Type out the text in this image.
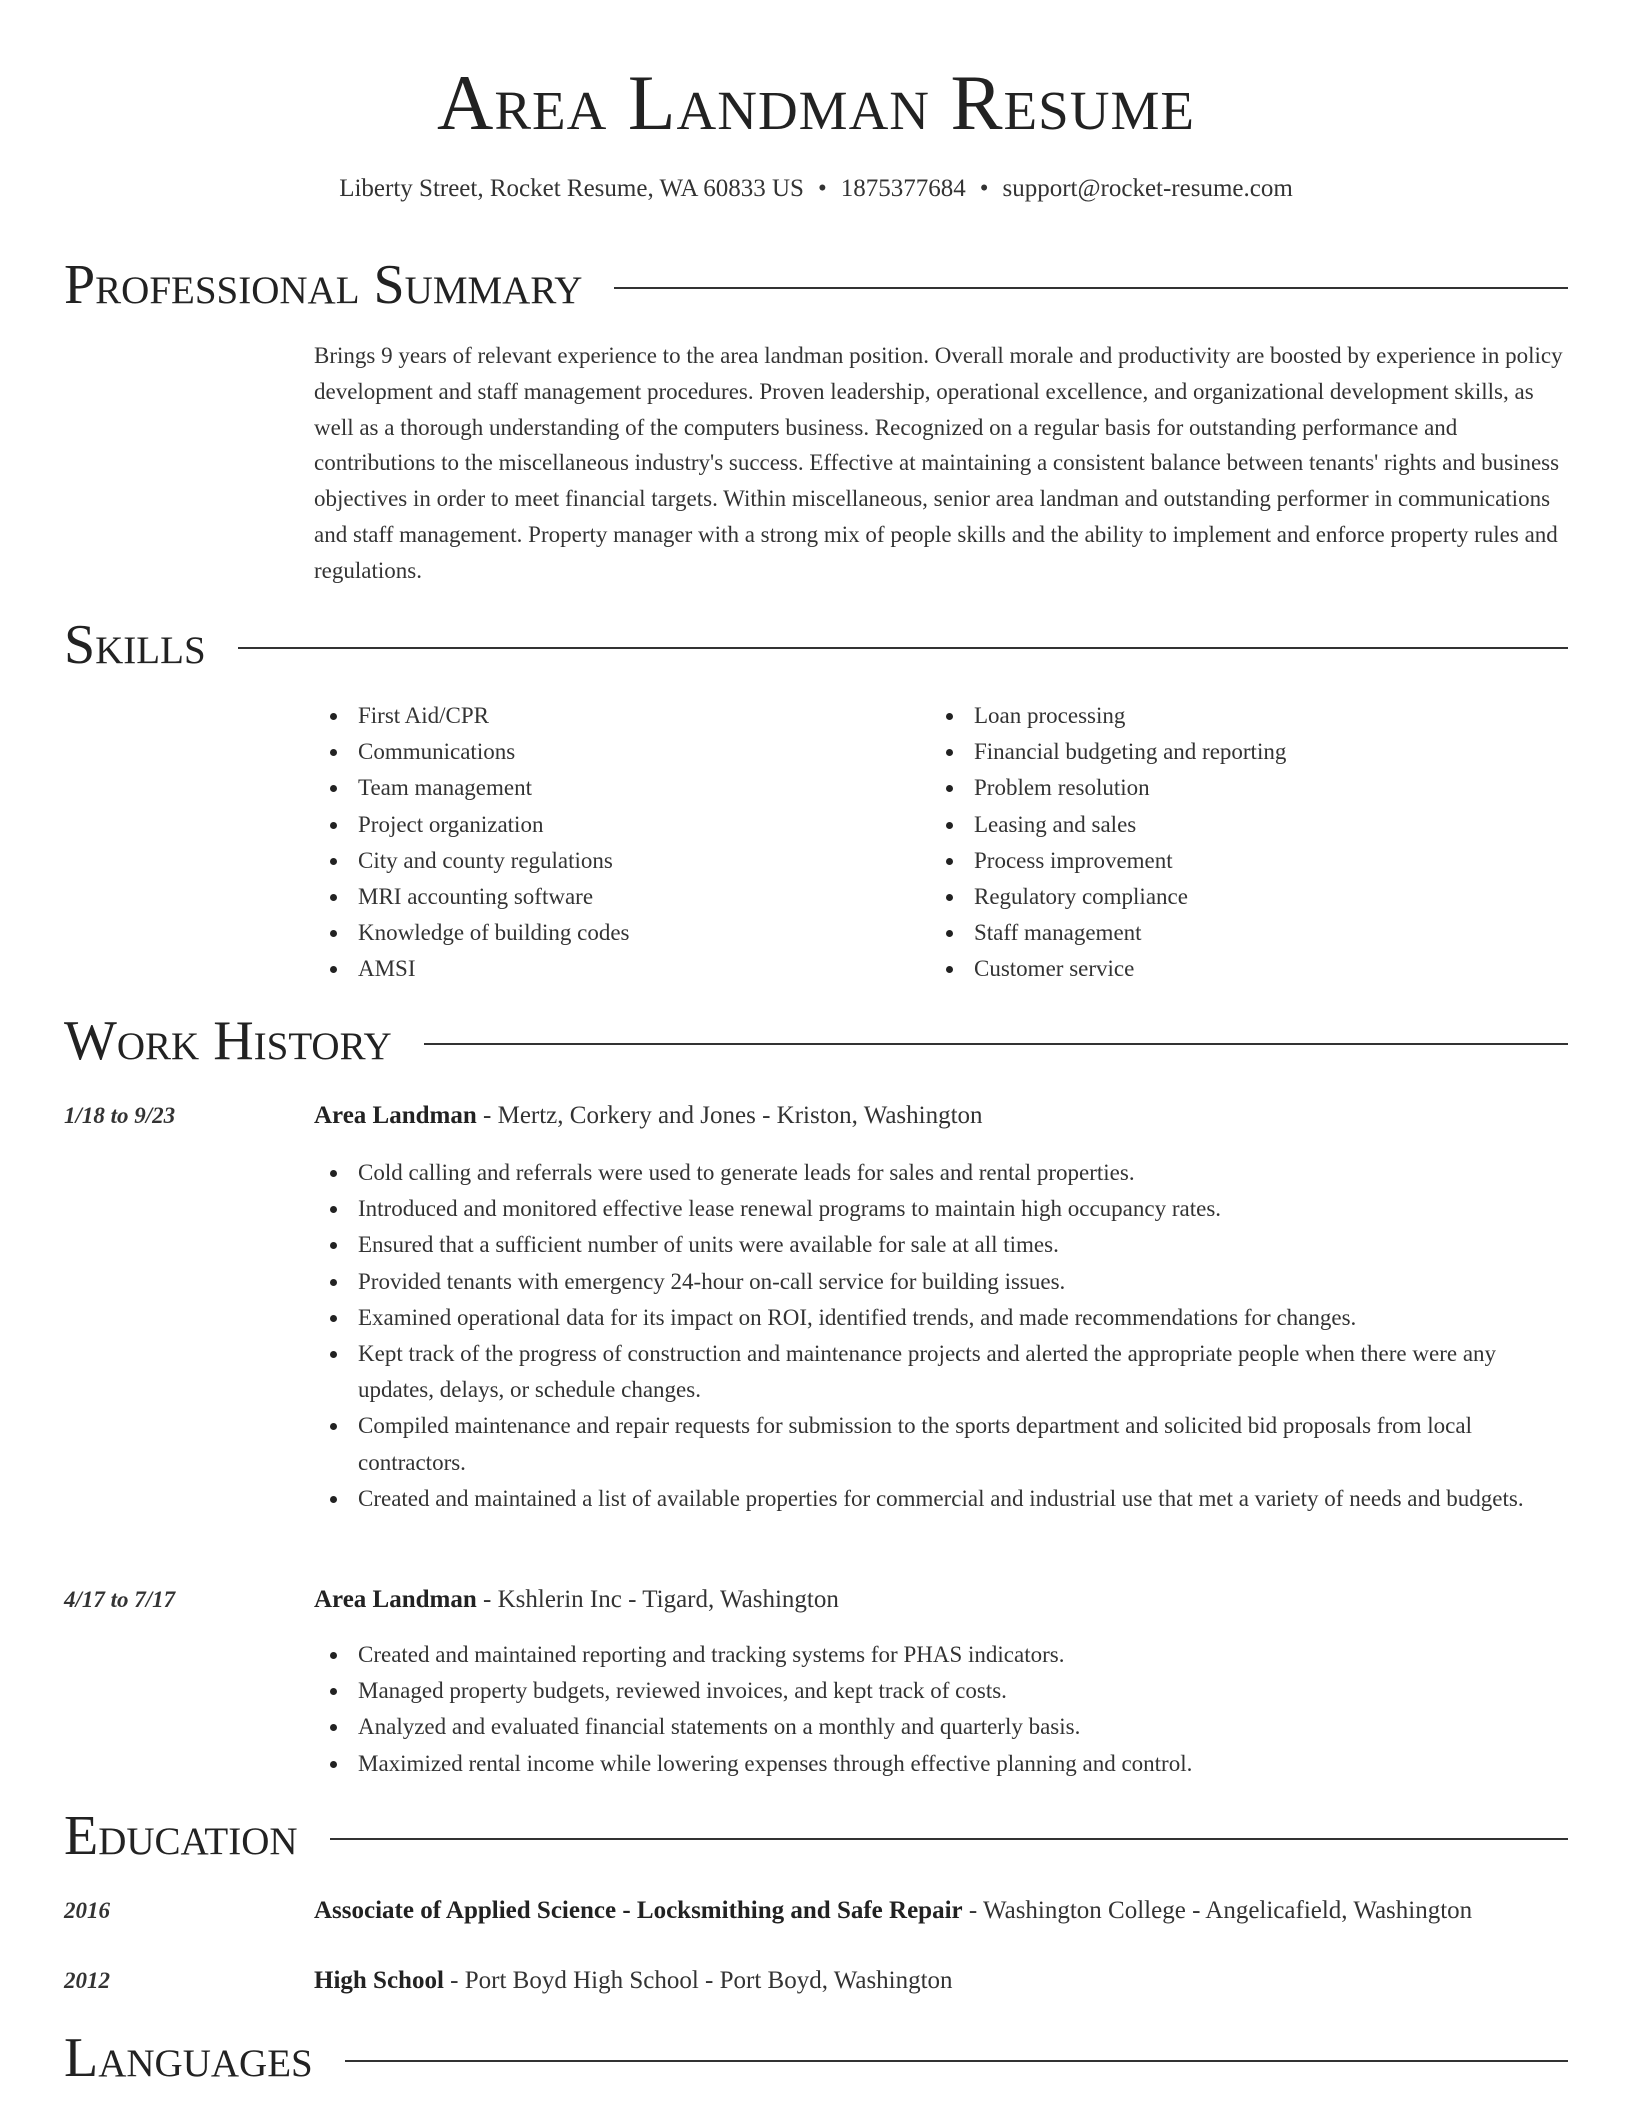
Area Landman Resume
Liberty Street, Rocket Resume, WA 60833 US • 1875377684 • support@rocket-resume.com
Professional Summary

Brings 9 years of relevant experience to the area landman position. Overall morale and productivity are boosted by experience in policy development and staff management procedures. Proven leadership, operational excellence, and organizational development skills, as well as a thorough understanding of the computers business. Recognized on a regular basis for outstanding performance and contributions to the miscellaneous industry's success. Effective at maintaining a consistent balance between tenants' rights and business objectives in order to meet financial targets. Within miscellaneous, senior area landman and outstanding performer in communications and staff management. Property manager with a strong mix of people skills and the ability to implement and enforce property rules and regulations.

Skills
First Aid/CPR
Communications
Team management
Project organization
City and county regulations
MRI accounting software
Knowledge of building codes
AMSI
Loan processing
Financial budgeting and reporting
Problem resolution
Leasing and sales
Process improvement
Regulatory compliance
Staff management
Customer service
Work History
1/18 to 9/23	Area Landman - Mertz, Corkery and Jones - Kriston, Washington
Cold calling and referrals were used to generate leads for sales and rental properties.
Introduced and monitored effective lease renewal programs to maintain high occupancy rates.
Ensured that a sufficient number of units were available for sale at all times.
Provided tenants with emergency 24-hour on-call service for building issues.
Examined operational data for its impact on ROI, identified trends, and made recommendations for changes.
Kept track of the progress of construction and maintenance projects and alerted the appropriate people when there were any updates, delays, or schedule changes.
Compiled maintenance and repair requests for submission to the sports department and solicited bid proposals from local contractors.
Created and maintained a list of available properties for commercial and industrial use that met a variety of needs and budgets.
4/17 to 7/17	Area Landman - Kshlerin Inc - Tigard, Washington
Created and maintained reporting and tracking systems for PHAS indicators.
Managed property budgets, reviewed invoices, and kept track of costs.
Analyzed and evaluated financial statements on a monthly and quarterly basis.
Maximized rental income while lowering expenses through effective planning and control.
Education
2016	Associate of Applied Science - Locksmithing and Safe Repair - Washington College - Angelicafield, Washington
2012	High School - Port Boyd High School - Port Boyd, Washington
Languages
